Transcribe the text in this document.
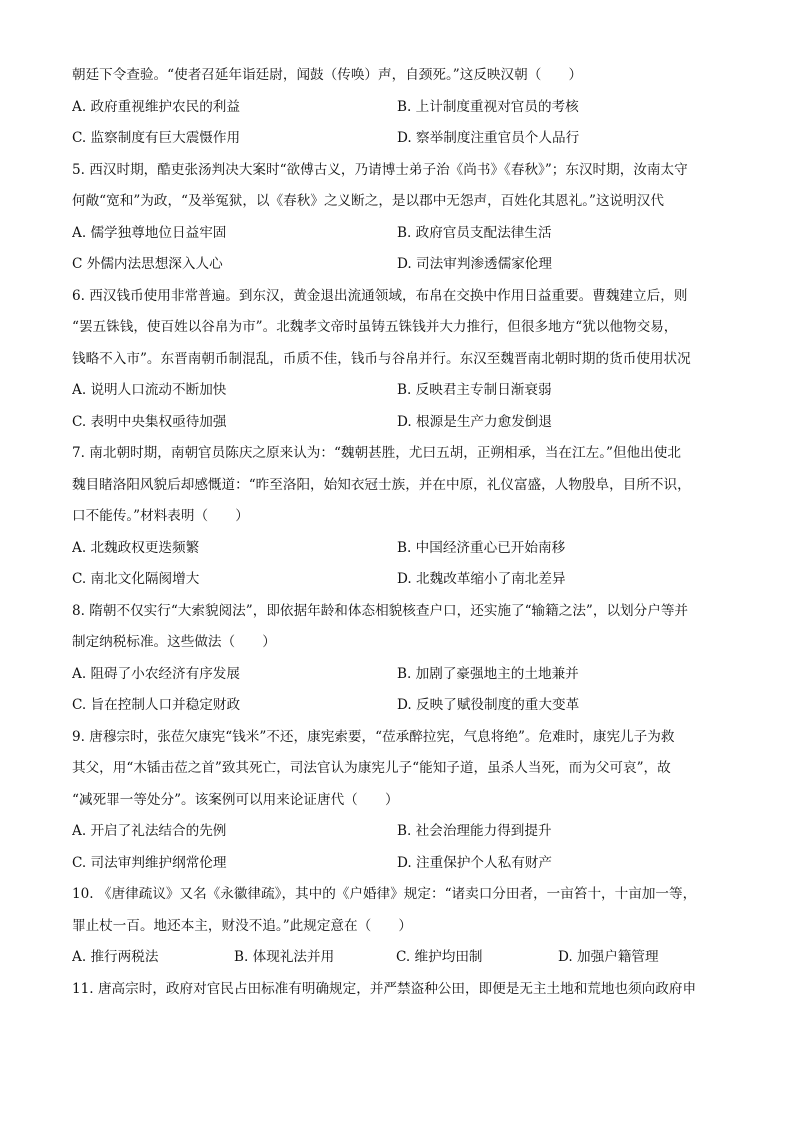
朝廷下令查验。“使者召延年诣廷尉，闻鼓（传唤）声，自颈死。”这反映汉朝（　　）
A. 政府重视维护农民的利益	B. 上计制度重视对官员的考核
C. 监察制度有巨大震慑作用	D. 察举制度注重官员个人品行
5. 西汉时期，酷吏张汤判决大案时“欲傅古义，乃请博士弟子治《尚书》《春秋》”；东汉时期，汝南太守
何敞“宽和”为政，“及举冤狱，以《春秋》之义断之，是以郡中无怨声，百姓化其恩礼。”这说明汉代
A. 儒学独尊地位日益牢固	B. 政府官员支配法律生活
C 外儒内法思想深入人心	D. 司法审判渗透儒家伦理
6. 西汉钱币使用非常普遍。到东汉，黄金退出流通领域，布帛在交换中作用日益重要。曹魏建立后，则
“罢五铢钱，使百姓以谷帛为市”。北魏孝文帝时虽铸五铢钱并大力推行，但很多地方“犹以他物交易，
钱略不入市”。东晋南朝币制混乱，币质不佳，钱币与谷帛并行。东汉至魏晋南北朝时期的货币使用状况
A. 说明人口流动不断加快	B. 反映君主专制日渐衰弱
C. 表明中央集权亟待加强	D. 根源是生产力愈发倒退
7. 南北朝时期，南朝官员陈庆之原来认为：“魏朝甚胜，尤曰五胡，正朔相承，当在江左。”但他出使北
魏目睹洛阳风貌后却感慨道：“昨至洛阳，始知衣冠士族，并在中原，礼仪富盛，人物殷阜，目所不识，
口不能传。”材料表明（　　）
A. 北魏政权更迭频繁	B. 中国经济重心已开始南移
C. 南北文化隔阂增大	D. 北魏改革缩小了南北差异
8. 隋朝不仅实行“大索貌阅法”，即依据年龄和体态相貌核查户口，还实施了“输籍之法”，以划分户等并
制定纳税标准。这些做法（　　）
A. 阻碍了小农经济有序发展	B. 加剧了豪强地主的土地兼并
C. 旨在控制人口并稳定财政	D. 反映了赋役制度的重大变革
9. 唐穆宗时，张莅欠康宪“钱米”不还，康宪索要，“莅承醉拉宪，气息将绝”。危难时，康宪儿子为救
其父，用“木锸击莅之首”致其死亡，司法官认为康宪儿子“能知子道，虽杀人当死，而为父可哀”，故
“减死罪一等处分”。该案例可以用来论证唐代（　　）
A. 开启了礼法结合的先例	B. 社会治理能力得到提升
C. 司法审判维护纲常伦理	D. 注重保护个人私有财产
10. 《唐律疏议》又名《永徽律疏》，其中的《户婚律》规定：“诸卖口分田者，一亩笞十，十亩加一等，
罪止杖一百。地还本主，财没不追。”此规定意在（　　）
A. 推行两税法	B. 体现礼法并用	C. 维护均田制	D. 加强户籍管理
11. 唐高宗时，政府对官民占田标准有明确规定，并严禁盗种公田，即便是无主土地和荒地也须向政府申
